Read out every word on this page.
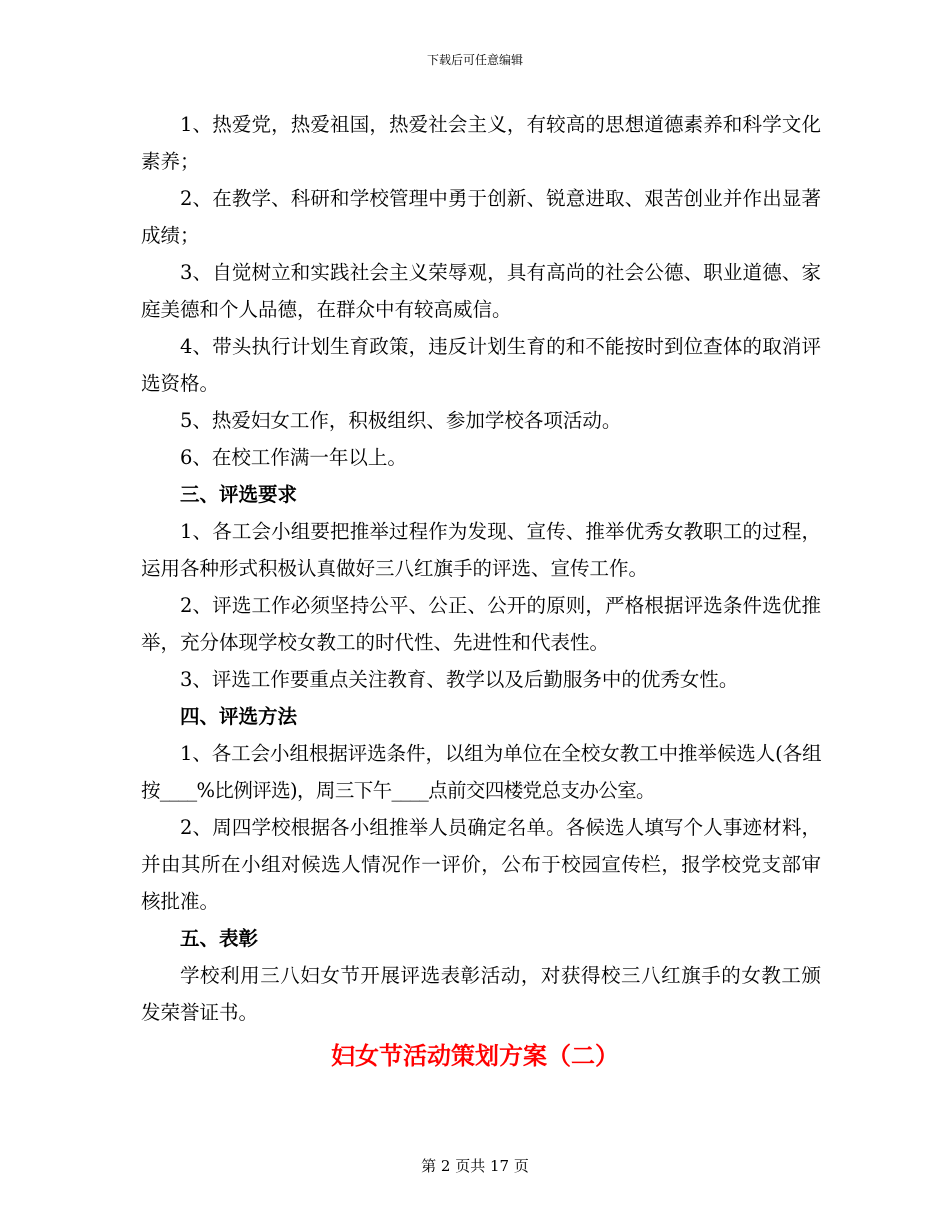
下载后可任意编辑

1、热爱党，热爱祖国，热爱社会主义，有较高的思想道德素养和科学文化素养；

2、在教学、科研和学校管理中勇于创新、锐意进取、艰苦创业并作出显著成绩；

3、自觉树立和实践社会主义荣辱观，具有高尚的社会公德、职业道德、家庭美德和个人品德，在群众中有较高威信。

4、带头执行计划生育政策，违反计划生育的和不能按时到位查体的取消评选资格。

5、热爱妇女工作，积极组织、参加学校各项活动。

6、在校工作满一年以上。

三、评选要求

1、各工会小组要把推举过程作为发现、宣传、推举优秀女教职工的过程，运用各种形式积极认真做好三八红旗手的评选、宣传工作。

2、评选工作必须坚持公平、公正、公开的原则，严格根据评选条件选优推举，充分体现学校女教工的时代性、先进性和代表性。

3、评选工作要重点关注教育、教学以及后勤服务中的优秀女性。

四、评选方法

1、各工会小组根据评选条件，以组为单位在全校女教工中推举候选人(各组按____%比例评选)，周三下午____点前交四楼党总支办公室。

2、周四学校根据各小组推举人员确定名单。各候选人填写个人事迹材料，并由其所在小组对候选人情况作一评价，公布于校园宣传栏，报学校党支部审核批准。

五、表彰

学校利用三八妇女节开展评选表彰活动，对获得校三八红旗手的女教工颁发荣誉证书。

妇女节活动策划方案（二）
第 2 页共 17 页
